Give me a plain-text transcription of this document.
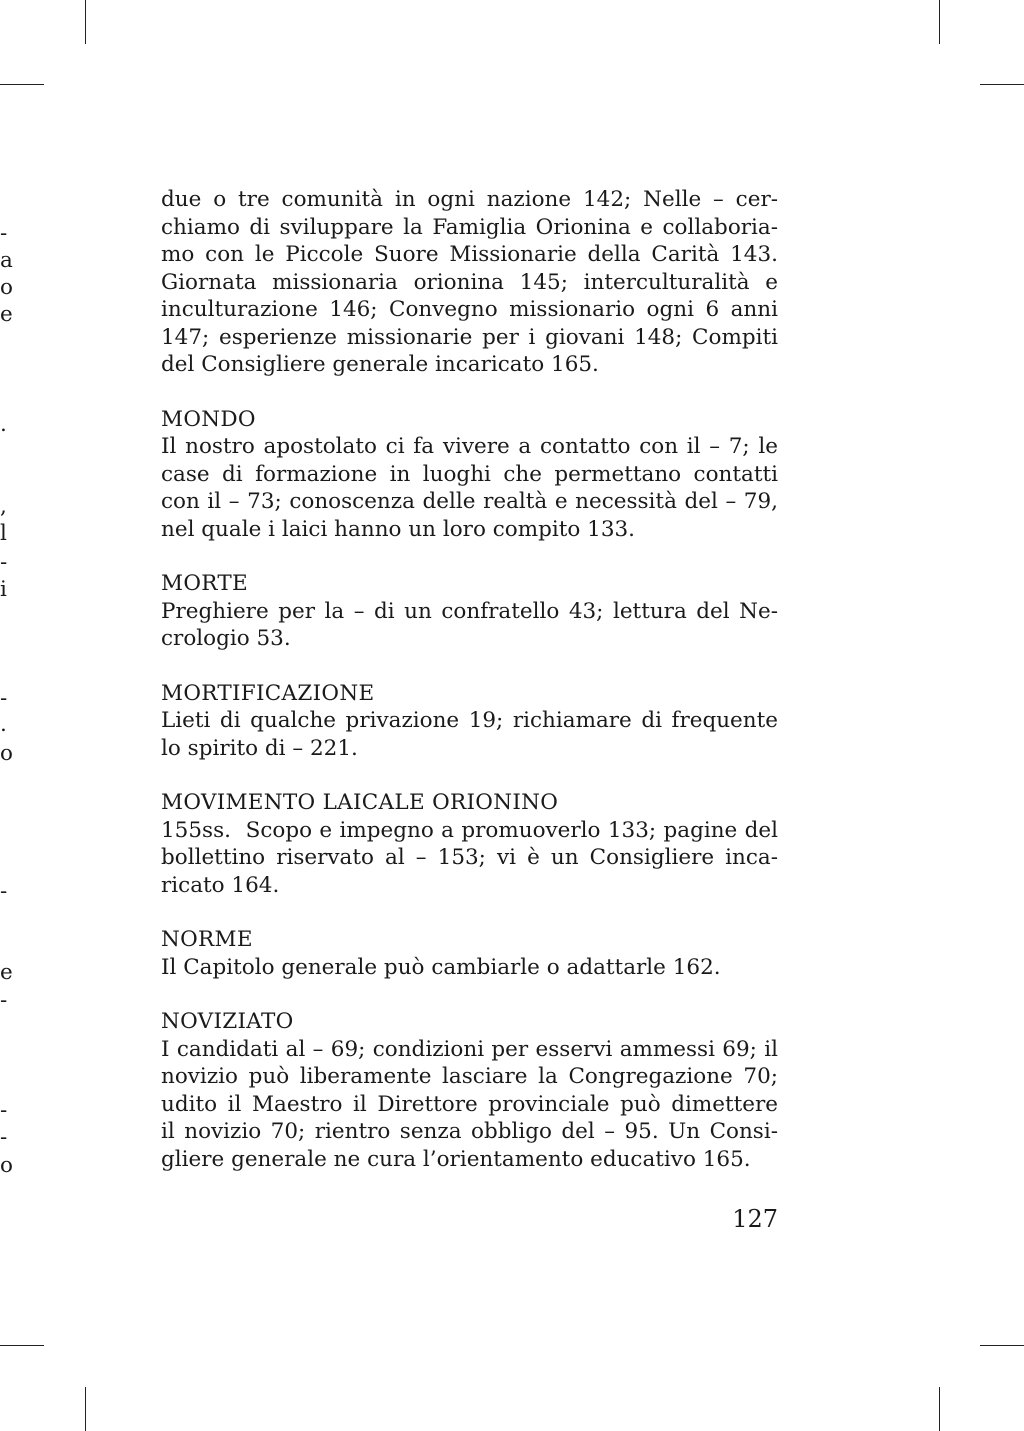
-
a
o
e
.
,
l
-
i
-
.
o
-
e
-
-
-
o
due o tre comunità in ogni nazione 142; Nelle – cer-
chiamo di sviluppare la Famiglia Orionina e collaboria-
mo con le Piccole Suore Missionarie della Carità 143.
Giornata missionaria orionina 145; interculturalità e
inculturazione 146; Convegno missionario ogni 6 anni
147; esperienze missionarie per i giovani 148; Compiti
del Consigliere generale incaricato 165.
MONDO
Il nostro apostolato ci fa vivere a contatto con il – 7; le
case di formazione in luoghi che permettano contatti
con il – 73; conoscenza delle realtà e necessità del – 79,
nel quale i laici hanno un loro compito 133.
MORTE
Preghiere per la – di un confratello 43; lettura del Ne-
crologio 53.
MORTIFICAZIONE
Lieti di qualche privazione 19; richiamare di frequente
lo spirito di – 221.
MOVIMENTO LAICALE ORIONINO
155ss.  Scopo e impegno a promuoverlo 133; pagine del
bollettino riservato al – 153; vi è un Consigliere inca-
ricato 164.
NORME
Il Capitolo generale può cambiarle o adattarle 162.
NOVIZIATO
I candidati al – 69; condizioni per esservi ammessi 69; il
novizio può liberamente lasciare la Congregazione 70;
udito il Maestro il Direttore provinciale può dimettere
il novizio 70; rientro senza obbligo del – 95. Un Consi-
gliere generale ne cura l’orientamento educativo 165.
127
